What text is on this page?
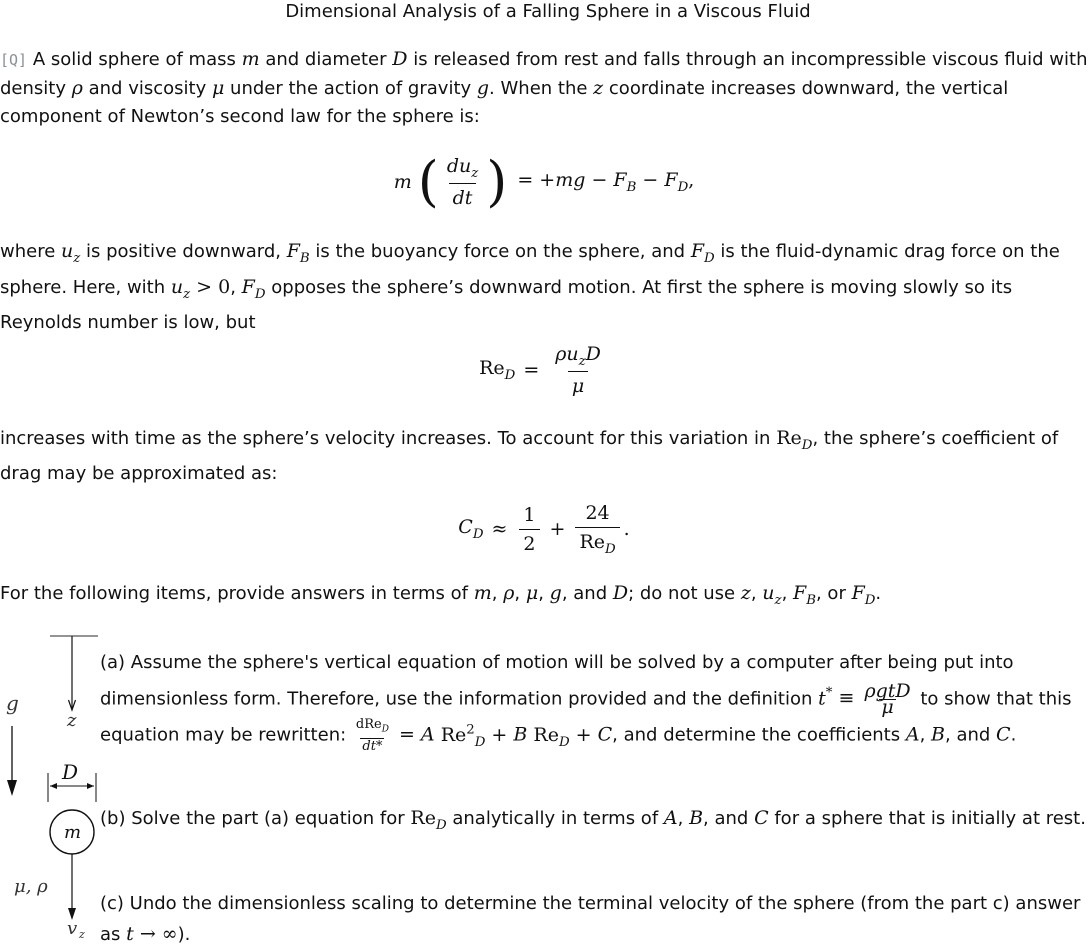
Dimensional Analysis of a Falling Sphere in a Viscous Fluid
[Q] A solid sphere of mass m and diameter D is released from rest and falls through an incompressible viscous fluid with density ρ and viscosity μ under the action of gravity g. When the z coordinate increases downward, the vertical component of Newton’s second law for the sphere is:
m ( $\frac{du_z}{dt}$ ) = $+mg - F_B - F_D$,
where $u_z$ is positive downward, $F_B$ is the buoyancy force on the sphere, and $F_D$ is the fluid-dynamic drag force on the sphere. Here, with $u_z > 0$, $F_D$ opposes the sphere’s downward motion. At first the sphere is moving slowly so its Reynolds number is low, but
$Re_D = \frac{\rho u_zD}{\mu}$
increases with time as the sphere’s velocity increases. To account for this variation in $Re_D$, the sphere’s coefficient of drag may be approximated as:
$C_D \approx \frac{1}{2} + \frac{24}{Re_D}$ .
For the following items, provide answers in terms of m, ρ, μ, g, and D; do not use z, $u_z$, $F_B$, or $F_D$.
z
g
D
m
μ, ρ
v z
(a) Assume the sphere's vertical equation of motion will be solved by a computer after being put into dimensionless form. Therefore, use the information provided and the definition $t^* \equiv \frac{\text{ρgtD}}{\mu}$ to show that this equation may be rewritten: $\frac{dRe_D}{dt*} = A$ $Re^2_D + B$ $Re_D + C$, and determine the coefficients A, B, and C.
(b) Solve the part (a) equation for $Re_D$ analytically in terms of A, B, and C for a sphere that is initially at rest.
(c) Undo the dimensionless scaling to determine the terminal velocity of the sphere (from the part c) answer as t → ∞).
